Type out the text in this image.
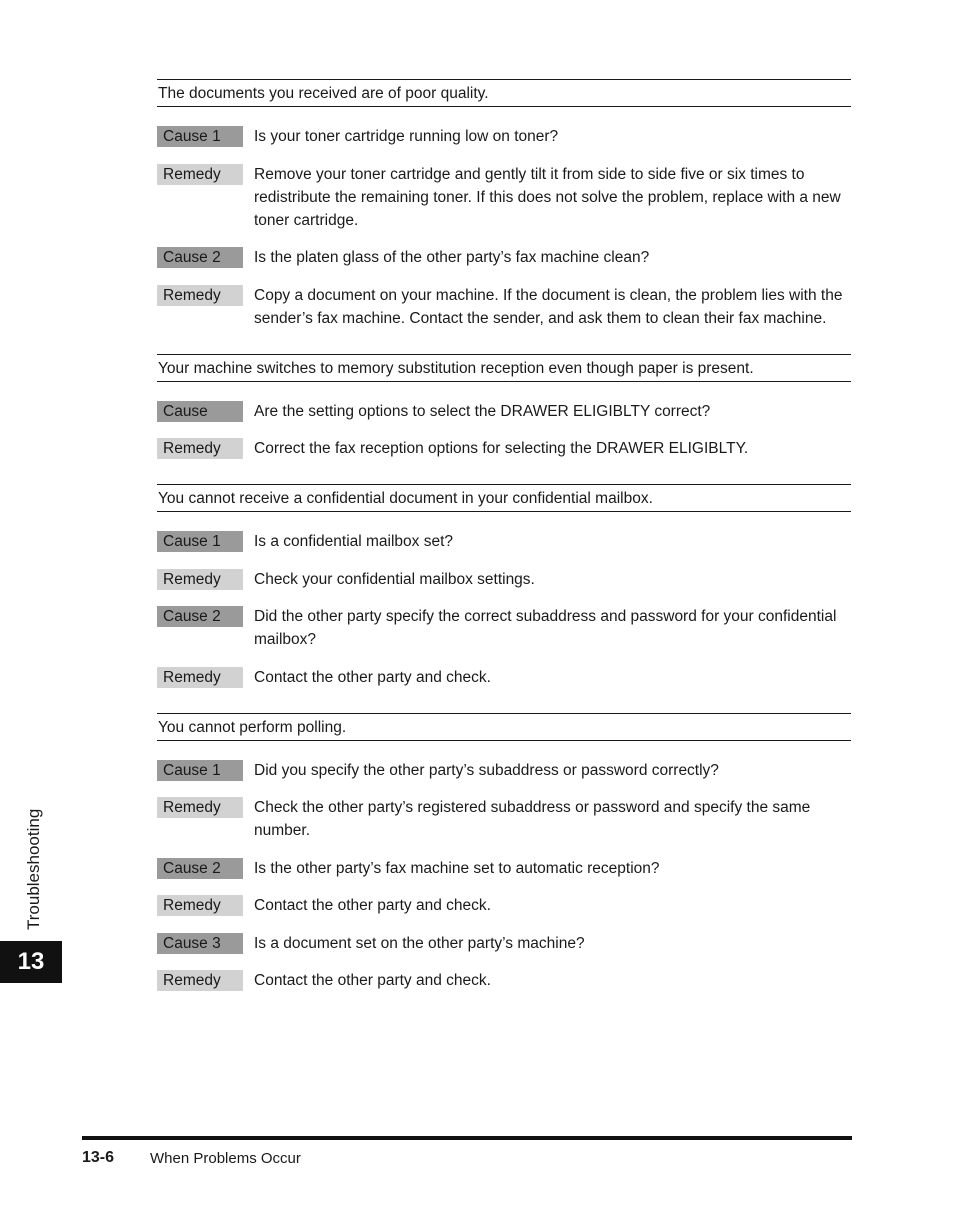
The documents you received are of poor quality.
Cause 1	Is your toner cartridge running low on toner?
Remedy	Remove your toner cartridge and gently tilt it from side to side five or six times to redistribute the remaining toner. If this does not solve the problem, replace with a new toner cartridge.
Cause 2	Is the platen glass of the other party’s fax machine clean?
Remedy	Copy a document on your machine. If the document is clean, the problem lies with the sender’s fax machine. Contact the sender, and ask them to clean their fax machine.
Your machine switches to memory substitution reception even though paper is present.
Cause	Are the setting options to select the DRAWER ELIGIBLTY correct?
Remedy	Correct the fax reception options for selecting the DRAWER ELIGIBLTY.
You cannot receive a confidential document in your confidential mailbox.
Cause 1	Is a confidential mailbox set?
Remedy	Check your confidential mailbox settings.
Cause 2	Did the other party specify the correct subaddress and password for your confidential mailbox?
Remedy	Contact the other party and check.
You cannot perform polling.
Cause 1	Did you specify the other party’s subaddress or password correctly?
Remedy	Check the other party’s registered subaddress or password and specify the same number.
Cause 2	Is the other party’s fax machine set to automatic reception?
Remedy	Contact the other party and check.
Cause 3	Is a document set on the other party’s machine?
Remedy	Contact the other party and check.
Troubleshooting
13
13-6 When Problems Occur
